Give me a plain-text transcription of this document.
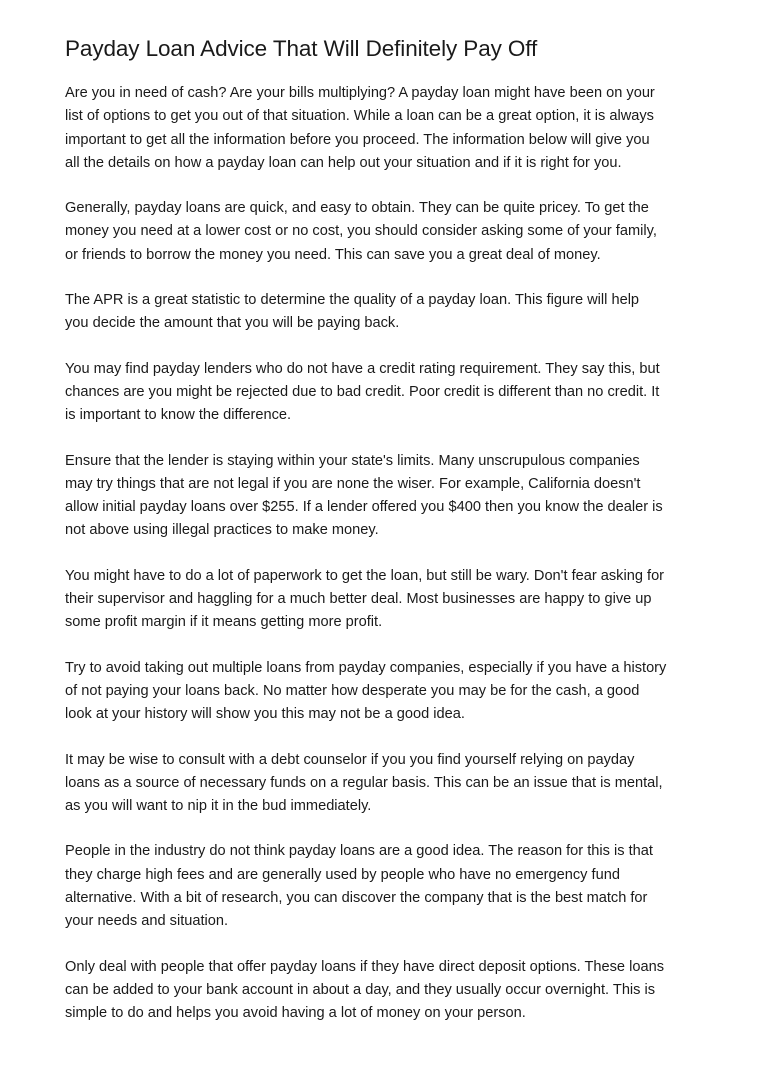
Payday Loan Advice That Will Definitely Pay Off

Are you in need of cash? Are your bills multiplying? A payday loan might have been on your
list of options to get you out of that situation. While a loan can be a great option, it is always
important to get all the information before you proceed. The information below will give you
all the details on how a payday loan can help out your situation and if it is right for you.

Generally, payday loans are quick, and easy to obtain. They can be quite pricey. To get the
money you need at a lower cost or no cost, you should consider asking some of your family,
or friends to borrow the money you need. This can save you a great deal of money.

The APR is a great statistic to determine the quality of a payday loan. This figure will help
you decide the amount that you will be paying back.

You may find payday lenders who do not have a credit rating requirement. They say this, but
chances are you might be rejected due to bad credit. Poor credit is different than no credit. It
is important to know the difference.

Ensure that the lender is staying within your state's limits. Many unscrupulous companies
may try things that are not legal if you are none the wiser. For example, California doesn't
allow initial payday loans over $255. If a lender offered you $400 then you know the dealer is
not above using illegal practices to make money.

You might have to do a lot of paperwork to get the loan, but still be wary. Don't fear asking for
their supervisor and haggling for a much better deal. Most businesses are happy to give up
some profit margin if it means getting more profit.

Try to avoid taking out multiple loans from payday companies, especially if you have a history
of not paying your loans back. No matter how desperate you may be for the cash, a good
look at your history will show you this may not be a good idea.

It may be wise to consult with a debt counselor if you you find yourself relying on payday
loans as a source of necessary funds on a regular basis. This can be an issue that is mental,
as you will want to nip it in the bud immediately.

People in the industry do not think payday loans are a good idea. The reason for this is that
they charge high fees and are generally used by people who have no emergency fund
alternative. With a bit of research, you can discover the company that is the best match for
your needs and situation.

Only deal with people that offer payday loans if they have direct deposit options. These loans
can be added to your bank account in about a day, and they usually occur overnight. This is
simple to do and helps you avoid having a lot of money on your person.
